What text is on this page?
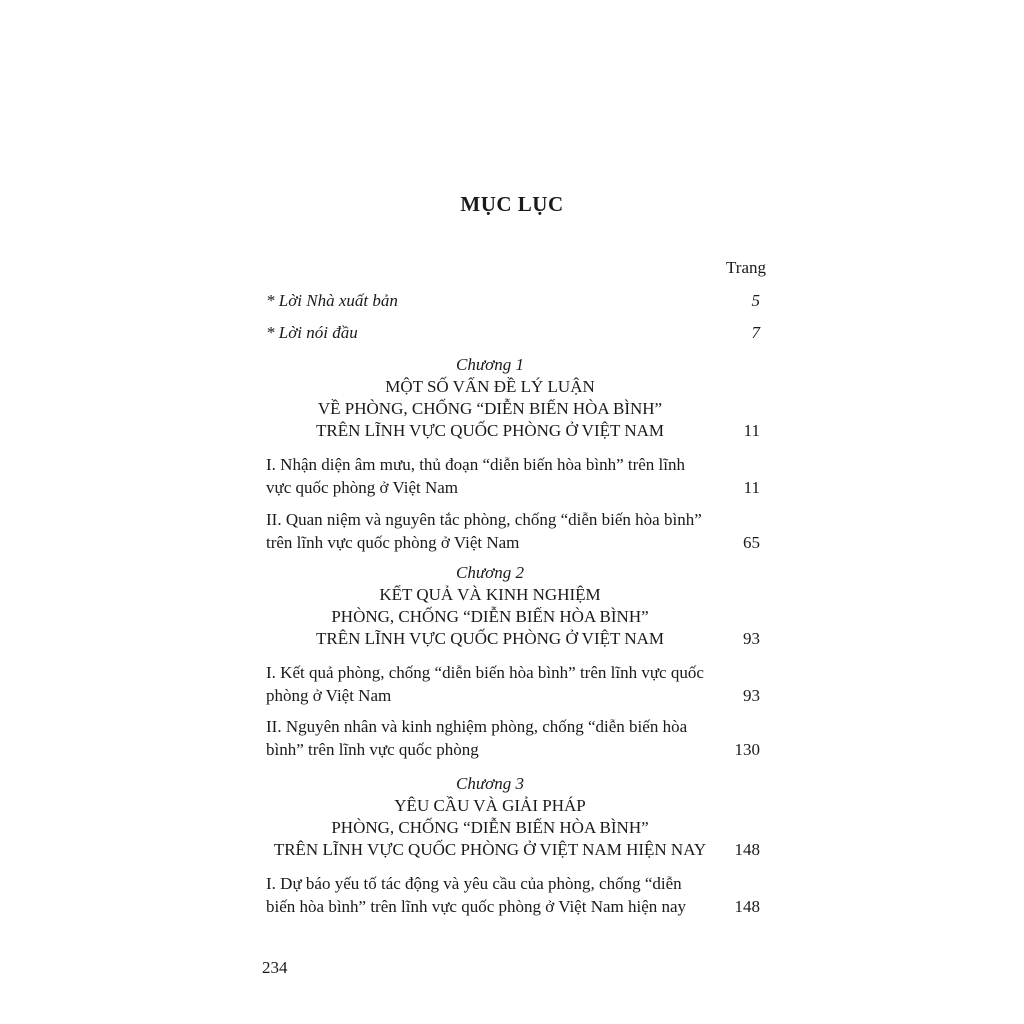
MỤC LỤC
Trang
* Lời Nhà xuất bản	5
* Lời nói đầu	7
Chương 1
MỘT SỐ VẤN ĐỀ LÝ LUẬN
VỀ PHÒNG, CHỐNG “DIỄN BIẾN HÒA BÌNH”
TRÊN LĨNH VỰC QUỐC PHÒNG Ở VIỆT NAM	11
I. Nhận diện âm mưu, thủ đoạn “diễn biến hòa bình” trên lĩnh
vực quốc phòng ở Việt Nam	11
II. Quan niệm và nguyên tắc phòng, chống “diễn biến hòa bình”
trên lĩnh vực quốc phòng ở Việt Nam	65
Chương 2
KẾT QUẢ VÀ KINH NGHIỆM
PHÒNG, CHỐNG “DIỄN BIẾN HÒA BÌNH”
TRÊN LĨNH VỰC QUỐC PHÒNG Ở VIỆT NAM	93
I. Kết quả phòng, chống “diễn biến hòa bình” trên lĩnh vực quốc
phòng ở Việt Nam	93
II. Nguyên nhân và kinh nghiệm phòng, chống “diễn biến hòa
bình” trên lĩnh vực quốc phòng	130
Chương 3
YÊU CẦU VÀ GIẢI PHÁP
PHÒNG, CHỐNG “DIỄN BIẾN HÒA BÌNH”
TRÊN LĨNH VỰC QUỐC PHÒNG Ở VIỆT NAM HIỆN NAY	148
I. Dự báo yếu tố tác động và yêu cầu của phòng, chống “diễn
biến hòa bình” trên lĩnh vực quốc phòng ở Việt Nam hiện nay	148
234
